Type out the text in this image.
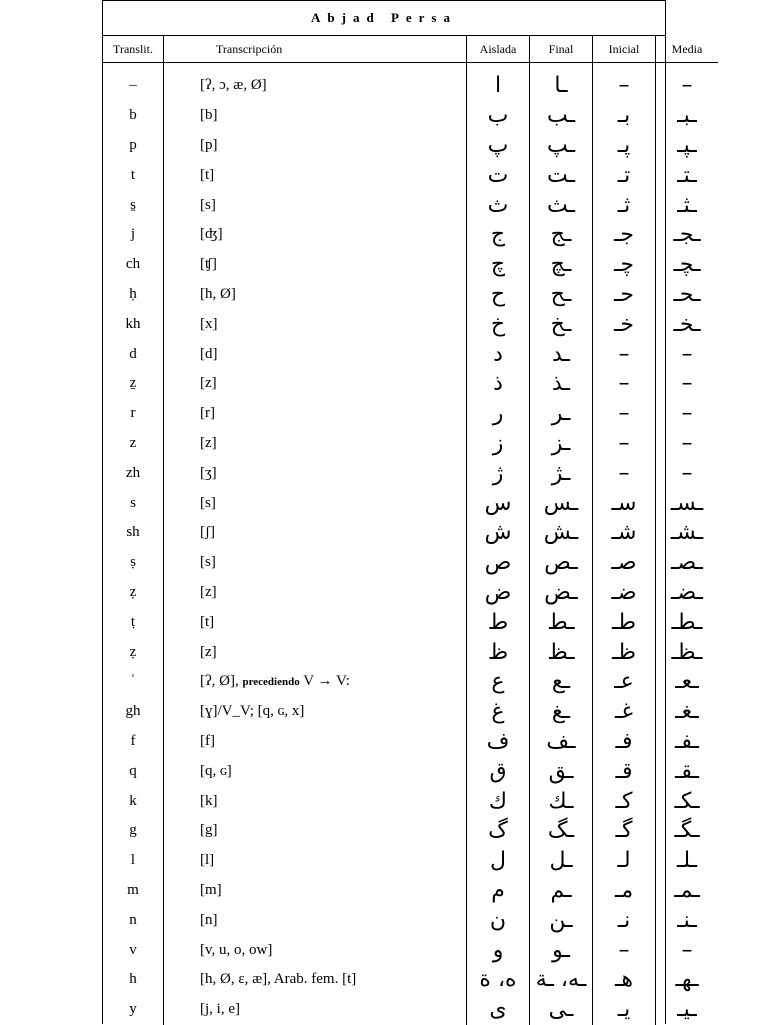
Abjad Persa
Translit.	Transcripción	Aislada	Final	Inicial	Media
–	[ʔ, ɔ, æ, Ø]	ا	ـا	–	–
b	[b]	ب	ـب	بـ	ـبـ
p	[p]	پ	ـپ	پـ	ـپـ
t	[t]	ت	ـت	تـ	ـتـ
s̱	[s]	ث	ـث	ثـ	ـثـ
j	[ʤ]	ج	ـج	جـ	ـجـ
ch	[ʧ]	چ	ـچ	چـ	ـچـ
ḥ	[h, Ø]	ح	ـح	حـ	ـحـ
kh	[x]	خ	ـخ	خـ	ـخـ
d	[d]	د	ـد	–	–
ẕ	[z]	ذ	ـذ	–	–
r	[r]	ر	ـر	–	–
z	[z]	ز	ـز	–	–
zh	[ʒ]	ژ	ـژ	–	–
s	[s]	س	ـس	سـ	ـسـ
sh	[ʃ]	ش	ـش	شـ	ـشـ
ṣ	[s]	ص	ـص	صـ	ـصـ
ẓ	[z]	ض	ـض	ضـ	ـضـ
ṭ	[t]	ط	ـط	طـ	ـطـ
ẓ	[z]	ظ	ـظ	ظـ	ـظـ
ʿ	[ʔ, Ø], precediendo V → V:	ع	ـع	عـ	ـعـ
gh	[ɣ]/V_V; [q, ɢ, x]	غ	ـغ	غـ	ـغـ
f	[f]	ف	ـف	فـ	ـفـ
q	[q, ɢ]	ق	ـق	قـ	ـقـ
k	[k]	ك	ـك	كـ	ـكـ
g	[g]	گ	ـگ	گـ	ـگـ
l	[l]	ل	ـل	لـ	ـلـ
m	[m]	م	ـم	مـ	ـمـ
n	[n]	ن	ـن	نـ	ـنـ
v	[v, u, o, ow]	و	ـو	–	–
h	[h, Ø, ɛ, æ], Arab. fem. [t]	ه، ة	ـه، ـة	هـ	ـهـ
y	[j, i, e]	ى	ـى	يـ	ـيـ
